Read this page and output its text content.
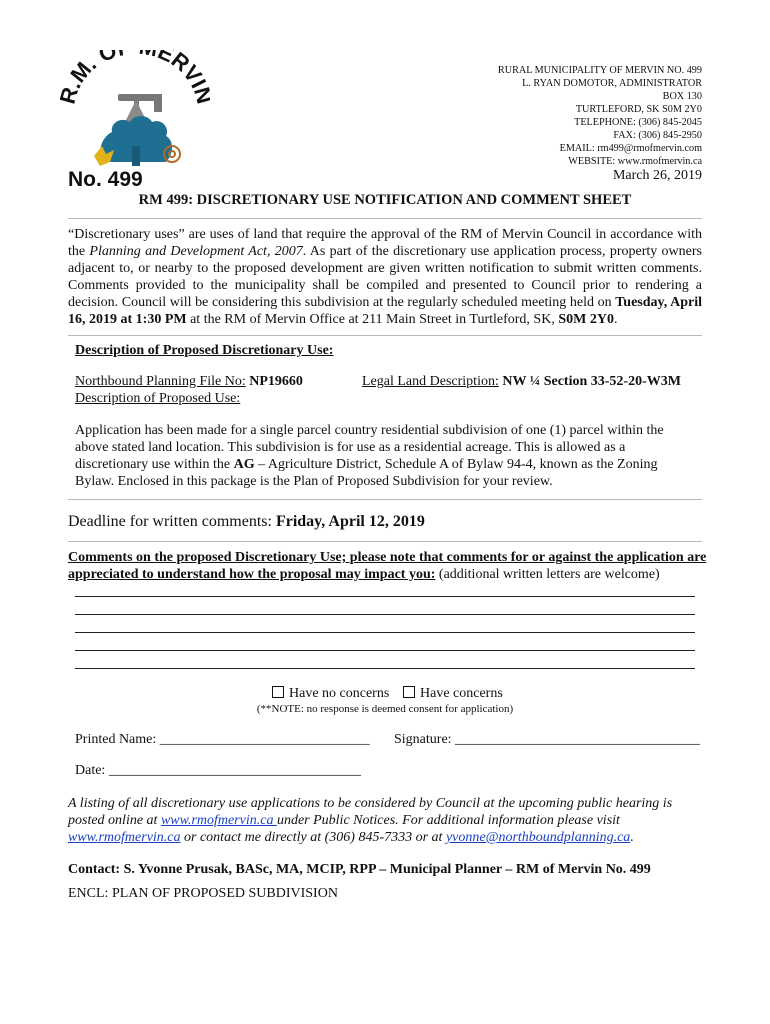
.M. O ERVI
No. 499
RURAL MUNICIPALITY OF MERVIN NO. 499
L. RYAN DOMOTOR, ADMINISTRATOR
BOX 130
TURTLEFORD, SK S0M 2Y0
TELEPHONE: (306) 845-2045
FAX: (306) 845-2950
EMAIL: rm499@rmofmervin.com
WEBSITE: www.rmofmervin.ca
March 26, 2019
RM 499: DISCRETIONARY USE NOTIFICATION AND COMMENT SHEET
“Discretionary uses” are uses of land that require the approval of the RM of Mervin Council in accordance with the Planning and Development Act, 2007. As part of the discretionary use application process, property owners adjacent to, or nearby to the proposed development are given written notification to submit written comments. Comments provided to the municipality shall be compiled and presented to Council prior to rendering a decision. Council will be considering this subdivision at the regularly scheduled meeting held on Tuesday, April 16, 2019 at 1:30 PM at the RM of Mervin Office at 211 Main Street in Turtleford, SK, S0M 2Y0.
Description of Proposed Discretionary Use:
Northbound Planning File No: NP19660	Legal Land Description: NW ¼ Section 33-52-20-W3M
Description of Proposed Use:
Application has been made for a single parcel country residential subdivision of one (1) parcel within the above stated land location. This subdivision is for use as a residential acreage. This is allowed as a discretionary use within the AG – Agriculture District, Schedule A of Bylaw 94-4, known as the Zoning Bylaw. Enclosed in this package is the Plan of Proposed Subdivision for your review.
Deadline for written comments: Friday, April 12, 2019
Comments on the proposed Discretionary Use; please note that comments for or against the application are appreciated to understand how the proposal may impact you: (additional written letters are welcome)
Have no concerns	Have concerns
(**NOTE: no response is deemed consent for application)
Printed Name: ______________________________ Signature: ___________________________________
Date: ____________________________________
A listing of all discretionary use applications to be considered by Council at the upcoming public hearing is posted online at www.rmofmervin.ca under Public Notices. For additional information please visit www.rmofmervin.ca or contact me directly at (306) 845-7333 or at yvonne@northboundplanning.ca.
Contact: S. Yvonne Prusak, BASc, MA, MCIP, RPP – Municipal Planner – RM of Mervin No. 499
ENCL: PLAN OF PROPOSED SUBDIVISION
